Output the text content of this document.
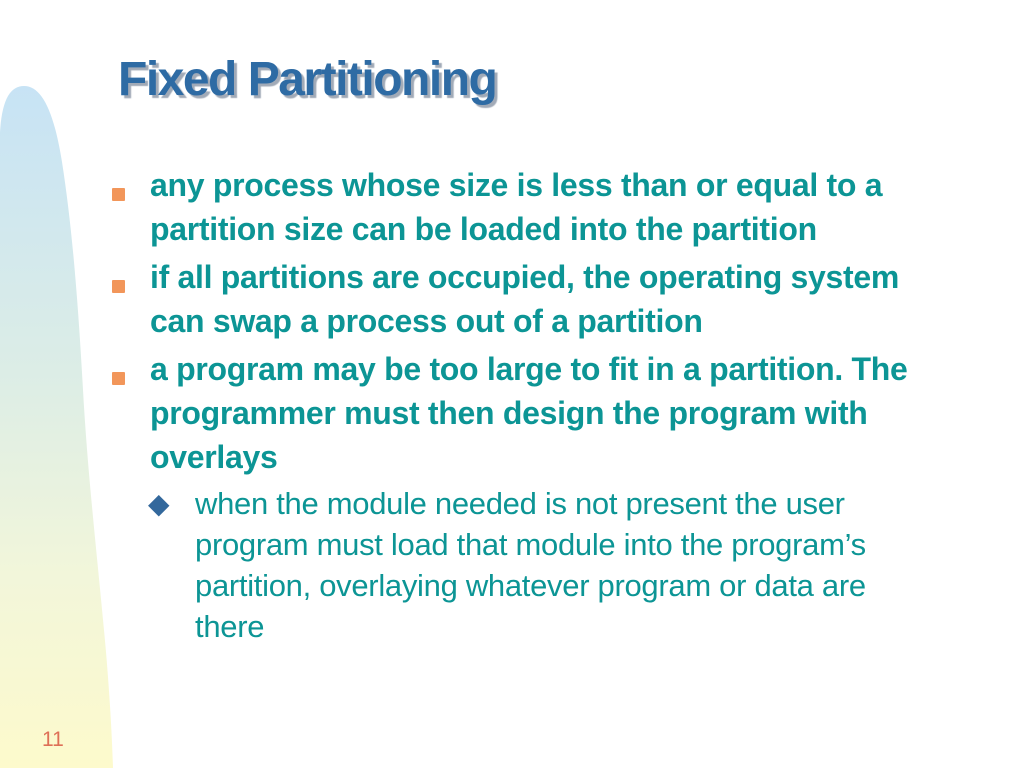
Fixed Partitioning
any process whose size is less than or equal to a partition size can be loaded into the partition
if all partitions are occupied, the operating system can swap a process out of a partition
a program may be too large to fit in a partition. The programmer must then design the program with overlays
◆ when the module needed is not present the user program must load that module into the program’s partition, overlaying whatever program or data are there
11
